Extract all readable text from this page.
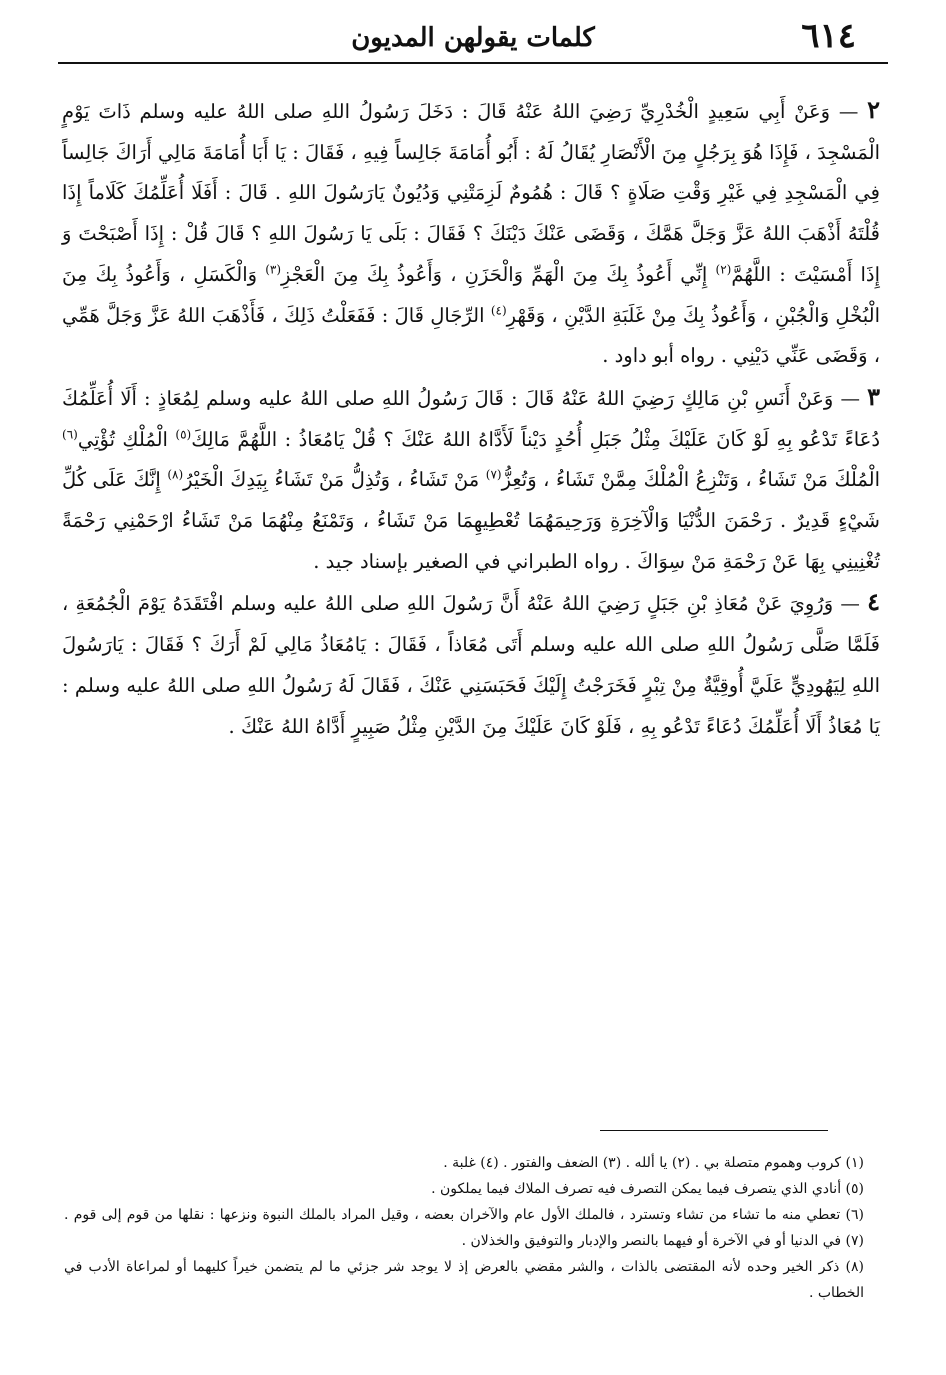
٦١٤
كلمات يقولهن المديون

٢ — وَعَنْ أَبِي سَعِيدٍ الْخُدْرِيِّ رَضِيَ اللهُ عَنْهُ قَالَ : دَخَلَ رَسُولُ اللهِ صلى اللهُ عليه وسلم ذَاتَ يَوْمٍ الْمَسْجِدَ ، فَإِذَا هُوَ بِرَجُلٍ مِنَ الْأَنْصَارِ يُقَالُ لَهُ : أَبُو أُمَامَةَ جَالِساً فِيهِ ، فَقَالَ : يَا أَبَا أُمَامَةَ مَالِي أَرَاكَ جَالِساً فِي الْمَسْجِدِ فِي غَيْرِ وَقْتِ صَلَاةٍ ؟ قَالَ : هُمُومٌ لَزِمَتْنِي وَدُيُونٌ يَارَسُولَ اللهِ . قَالَ : أَفَلَا أُعَلِّمُكَ كَلَاماً إِذَا قُلْتَهُ أَذْهَبَ اللهُ عَزَّ وَجَلَّ هَمَّكَ ، وَقَضَى عَنْكَ دَيْنَكَ ؟ فَقَالَ : بَلَى يَا رَسُولَ اللهِ ؟ قَالَ قُلْ : إِذَا أَصْبَحْتَ وَ إِذَا أَمْسَيْتَ : اللَّهُمَّ$^{(٢)}$ إِنِّي أَعُوذُ بِكَ مِنَ الْهَمِّ وَالْحَزَنِ ، وَأَعُوذُ بِكَ مِنَ الْعَجْزِ$^{(٣)}$ وَالْكَسَلِ ، وَأَعُوذُ بِكَ مِنَ الْبُخْلِ وَالْجُبْنِ ، وَأَعُوذُ بِكَ مِنْ غَلَبَةِ الدَّيْنِ ، وَقَهْرِ$^{(٤)}$ الرِّجَالِ قَالَ : فَفَعَلْتُ ذَلِكَ ، فَأَذْهَبَ اللهُ عَزَّ وَجَلَّ هَمِّي ، وَقَضَى عَنِّي دَيْنِي . رواه أبو داود .

٣ — وَعَنْ أَنَسِ بْنِ مَالِكٍ رَضِيَ اللهُ عَنْهُ قَالَ : قَالَ رَسُولُ اللهِ صلى اللهُ عليه وسلم لِمُعَاذٍ : أَلَا أُعَلِّمُكَ دُعَاءً تَدْعُو بِهِ لَوْ كَانَ عَلَيْكَ مِثْلُ جَبَلِ أُحُدٍ دَيْناً لَأَدَّاهُ اللهُ عَنْكَ ؟ قُلْ يَامُعَاذُ : اللَّهُمَّ مَالِكَ$^{(٥)}$ الْمُلْكِ تُؤْتِي$^{(٦)}$ الْمُلْكَ مَنْ تَشَاءُ ، وَتَنْزِعُ الْمُلْكَ مِمَّنْ تَشَاءُ ، وَتُعِزُّ$^{(٧)}$ مَنْ تَشَاءُ ، وَتُذِلُّ مَنْ تَشَاءُ بِيَدِكَ الْخَيْرُ$^{(٨)}$ إِنَّكَ عَلَى كُلِّ شَيْءٍ قَدِيرٌ . رَحْمَنَ الدُّنْيَا وَالْآخِرَةِ وَرَحِيمَهُمَا تُعْطِيهِمَا مَنْ تَشَاءُ ، وَتَمْنَعُ مِنْهُمَا مَنْ تَشَاءُ ارْحَمْنِي رَحْمَةً تُغْنِينِي بِهَا عَنْ رَحْمَةِ مَنْ سِوَاكَ . رواه الطبراني في الصغير بإسناد جيد .

٤ — وَرُوِيَ عَنْ مُعَاذِ بْنِ جَبَلٍ رَضِيَ اللهُ عَنْهُ أَنَّ رَسُولَ اللهِ صلى اللهُ عليه وسلم افْتَقَدَهُ يَوْمَ الْجُمُعَةِ ، فَلَمَّا صَلَّى رَسُولُ اللهِ صلى الله عليه وسلم أَتَى مُعَاذاً ، فَقَالَ : يَامُعَاذُ مَالِي لَمْ أَرَكَ ؟ فَقَالَ : يَارَسُولَ اللهِ لِيَهُودِيٍّ عَلَيَّ أُوقِيَّةٌ مِنْ تِبْرٍ فَخَرَجْتُ إِلَيْكَ فَحَبَسَنِي عَنْكَ ، فَقَالَ لَهُ رَسُولُ اللهِ صلى اللهُ عليه وسلم : يَا مُعَاذُ أَلَا أُعَلِّمُكَ دُعَاءً تَدْعُو بِهِ ، فَلَوْ كَانَ عَلَيْكَ مِنَ الدَّيْنِ مِثْلُ صَبِيرٍ أَدَّاهُ اللهُ عَنْكَ .

(١) كروب وهموم متصلة بي . (٢) يا ألله . (٣) الضعف والفتور . (٤) غلبة .

(٥) أنادي الذي يتصرف فيما يمكن التصرف فيه تصرف الملاك فيما يملكون .

(٦) تعطي منه ما تشاء من تشاء وتسترد ، فالملك الأول عام والآخران بعضه ، وقيل المراد بالملك النبوة ونزعها : نقلها من قوم إلى قوم . (٧) في الدنيا أو في الآخرة أو فيهما بالنصر والإدبار والتوفيق والخذلان .

(٨) ذكر الخير وحده لأنه المقتضى بالذات ، والشر مقضي بالعرض إذ لا يوجد شر جزئي ما لم يتضمن خيراً كليهما أو لمراعاة الأدب في الخطاب .
